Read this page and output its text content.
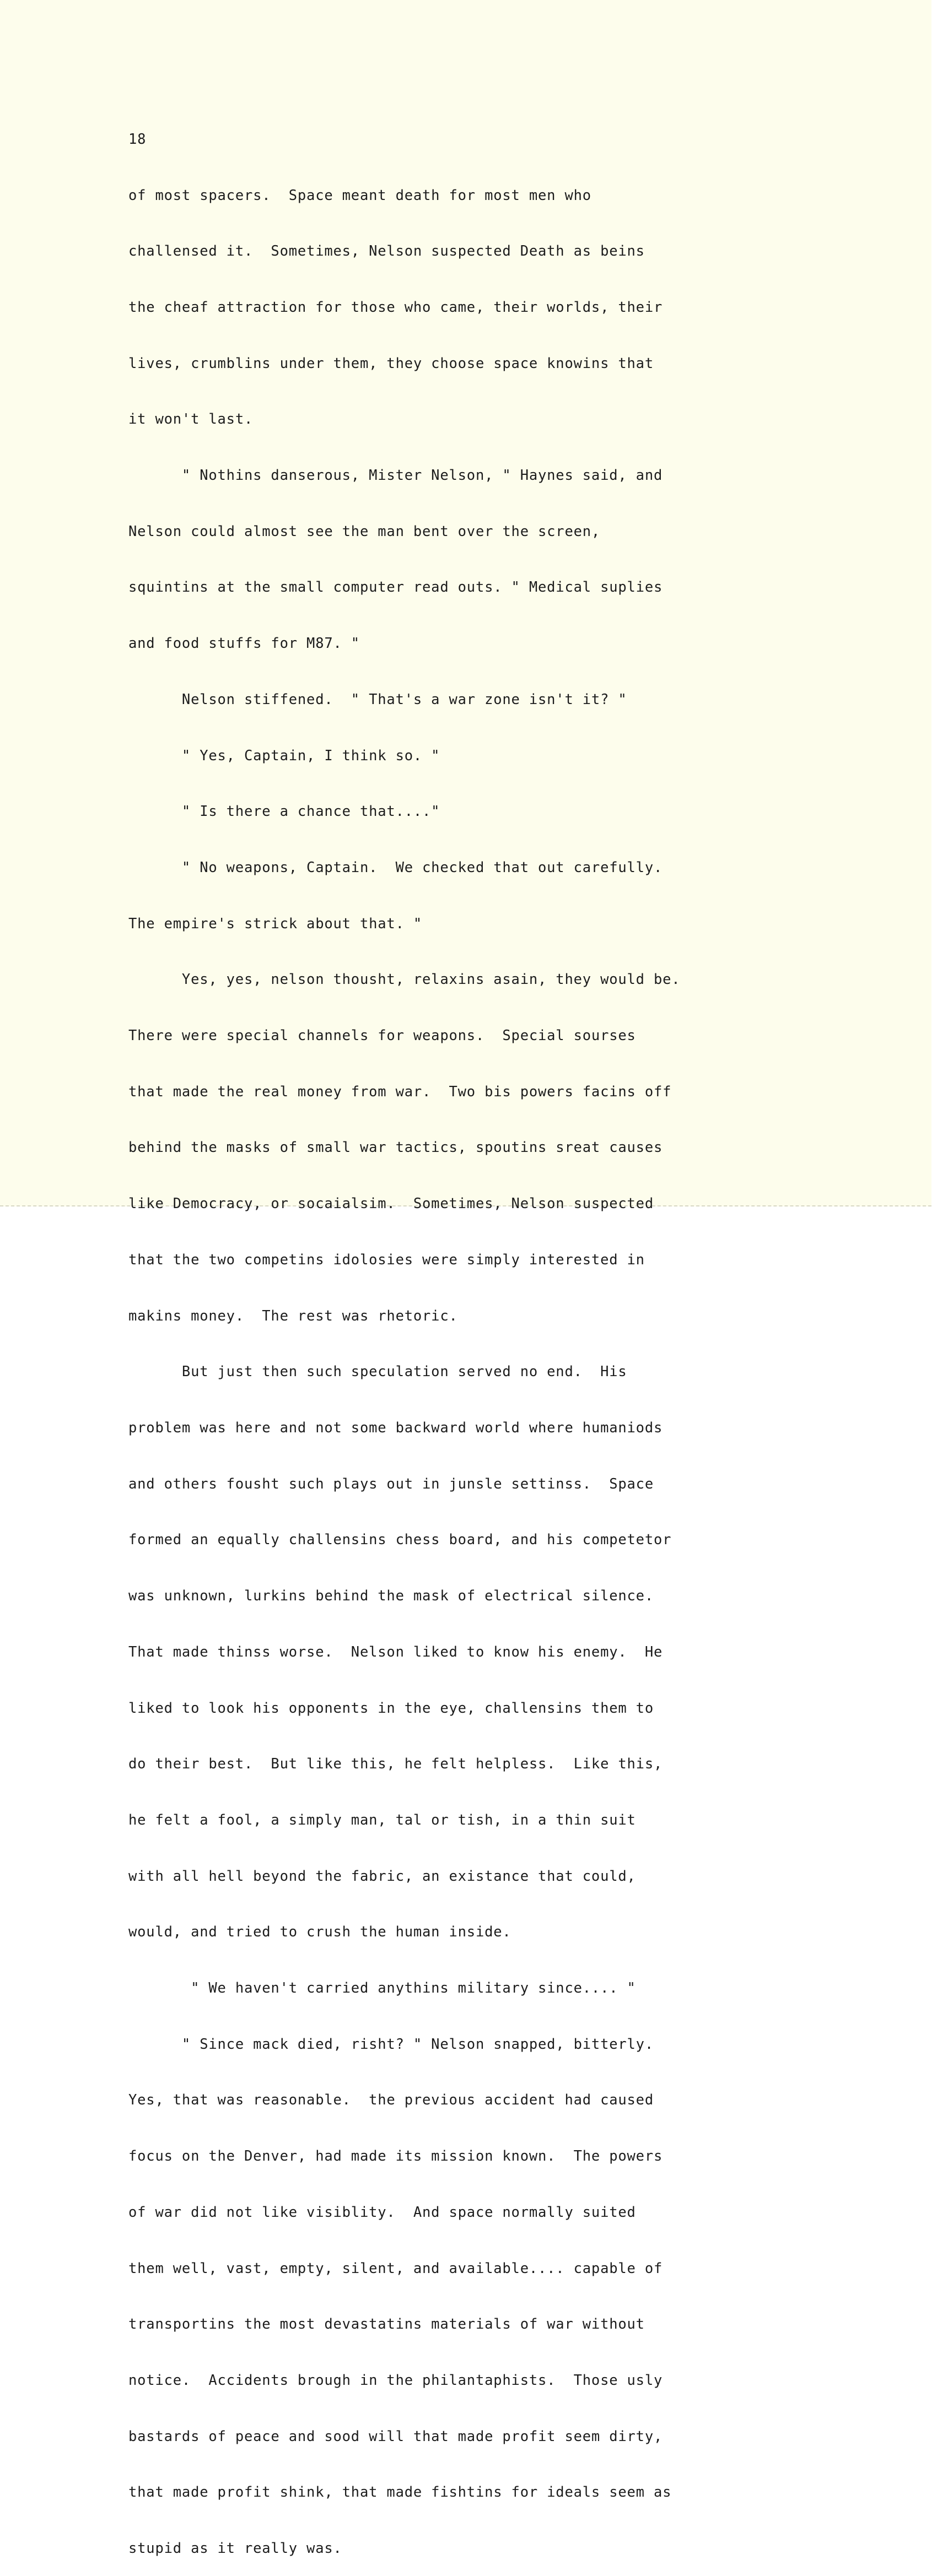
18

of most spacers.  Space meant death for most men who

challensed it.  Sometimes, Nelson suspected Death as beins

the cheaf attraction for those who came, their worlds, their

lives, crumblins under them, they choose space knowins that

it won't last.

" Nothins danserous, Mister Nelson, " Haynes said, and

Nelson could almost see the man bent over the screen,

squintins at the small computer read outs. " Medical suplies

and food stuffs for M87. "

Nelson stiffened.  " That's a war zone isn't it? "

" Yes, Captain, I think so. "

" Is there a chance that...."

" No weapons, Captain.  We checked that out carefully.

The empire's strick about that. "

Yes, yes, nelson thousht, relaxins asain, they would be.

There were special channels for weapons.  Special sourses

that made the real money from war.  Two bis powers facins off

behind the masks of small war tactics, spoutins sreat causes

like Democracy, or socaialsim.  Sometimes, Nelson suspected

that the two competins idolosies were simply interested in

makins money.  The rest was rhetoric.

But just then such speculation served no end.  His

problem was here and not some backward world where humaniods

and others fousht such plays out in junsle settinss.  Space

formed an equally challensins chess board, and his competetor

was unknown, lurkins behind the mask of electrical silence.

That made thinss worse.  Nelson liked to know his enemy.  He

liked to look his opponents in the eye, challensins them to

do their best.  But like this, he felt helpless.  Like this,

he felt a fool, a simply man, tal or tish, in a thin suit

with all hell beyond the fabric, an existance that could,

would, and tried to crush the human inside.

" We haven't carried anythins military since.... "

" Since mack died, risht? " Nelson snapped, bitterly.

Yes, that was reasonable.  the previous accident had caused

focus on the Denver, had made its mission known.  The powers

of war did not like visiblity.  And space normally suited

them well, vast, empty, silent, and available.... capable of

transportins the most devastatins materials of war without

notice.  Accidents brough in the philantaphists.  Those usly

bastards of peace and sood will that made profit seem dirty,

that made profit shink, that made fishtins for ideals seem as

stupid as it really was.
